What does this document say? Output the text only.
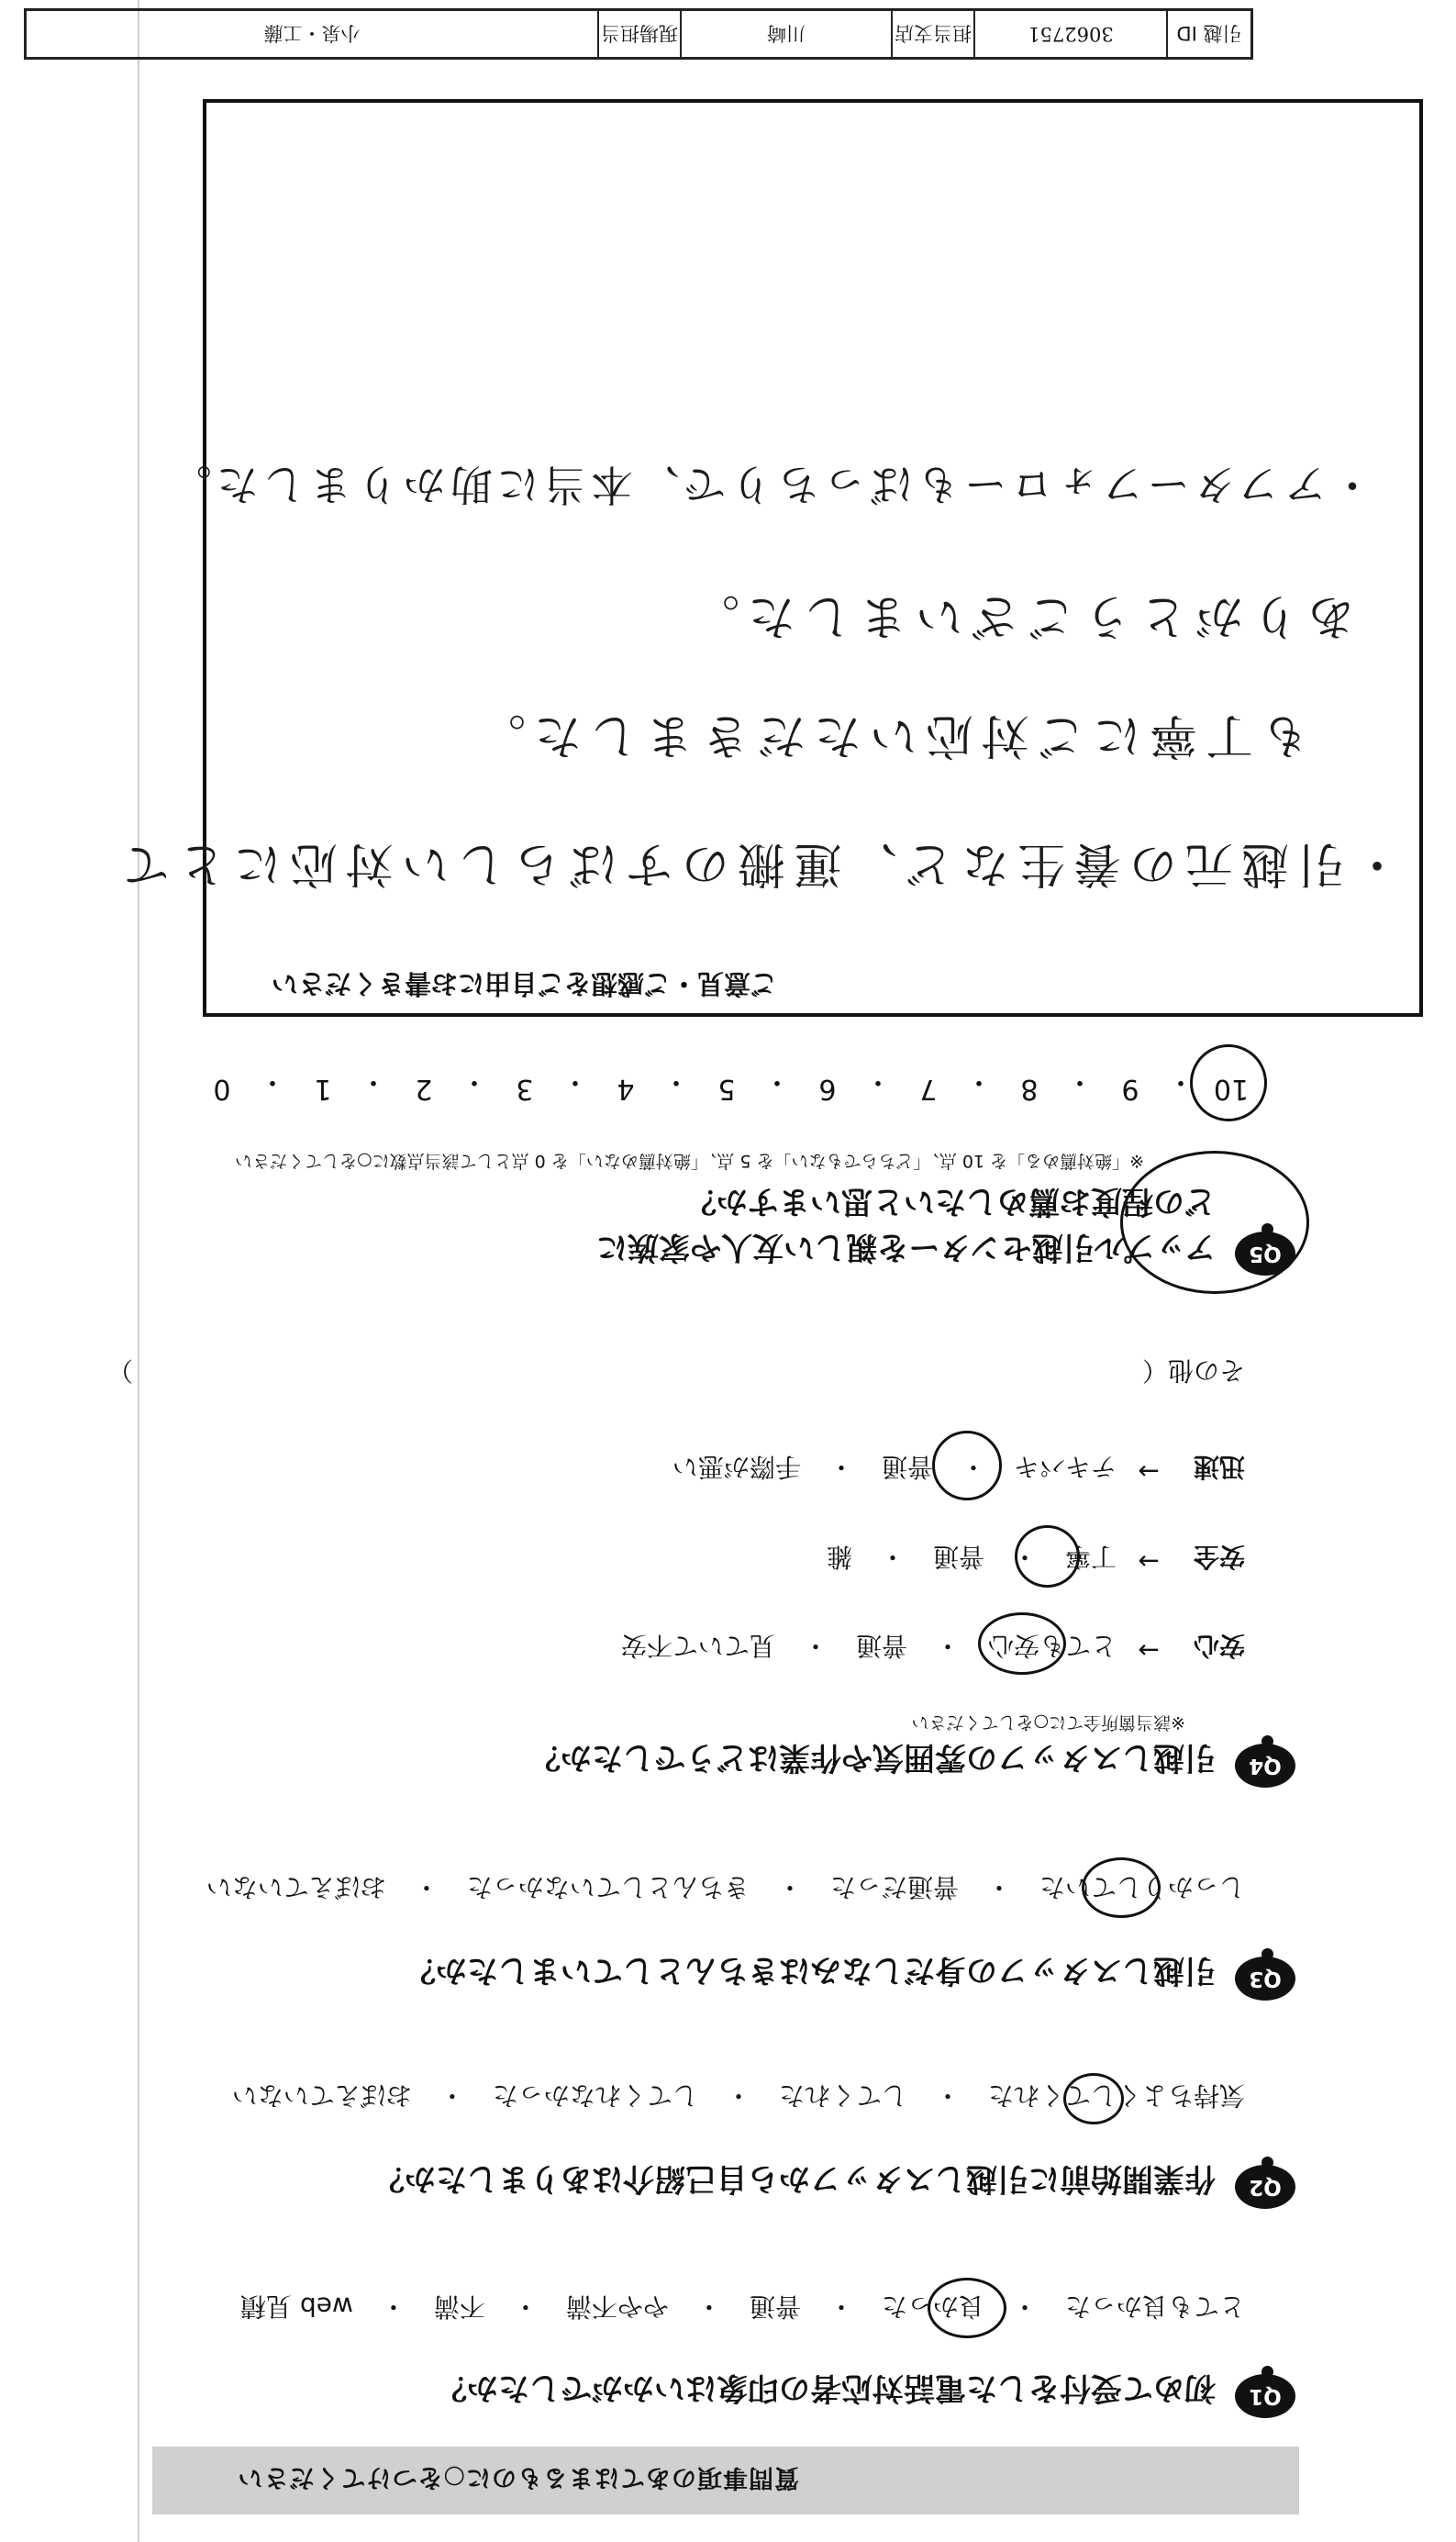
質問事項のあてはまるものに○をつけてください
Q1
初めて受付をした電話対応者の印象はいかがでしたか？
とても良かった
・
良かった
・
普通
・
やや不満
・
不満
・
web 見積
Q2
作業開始前に引越しスタッフから自己紹介はありましたか？
気持ちよくしてくれた
・
してくれた
・
してくれなかった
・
おぼえていない
Q3
引越しスタッフの身だしなみはきちんとしていましたか？
しっかりしていた
・
普通だった
・
きちんとしていなかった
・
おぼえていない
Q4
引越しスタッフの雰囲気や作業はどうでしたか？
※該当箇所全てに○をしてください
安心
→
とても安心
・
普通
・
見ていて不安
安全
→
丁寧
・
普通
・
雑
迅速
→
テキパキ
・
普通
・
手際が悪い
その他（
）
Q5
アップル引越センターを親しい友人や家族に
どの程度お薦めしたいと思いますか？
※「絶対薦める」を 10 点、「どちらでもない」を 5 点、「絶対薦めない」を 0 点として該当点数に○をしてください
10
・
9
・
8
・
7
・
6
・
5
・
4
・
3
・
2
・
1
・
0
ご意見・ご感想をご自由にお書きください
・引越元の養生など、運搬のすばらしい対応にとて
も丁寧にご対応いただきました。
ありがとうございました。
・アフターフォローもばっちりで、本当に助かりました。
引越 ID
3062751
担当支店
川崎
現場担当
小泉・工藤
